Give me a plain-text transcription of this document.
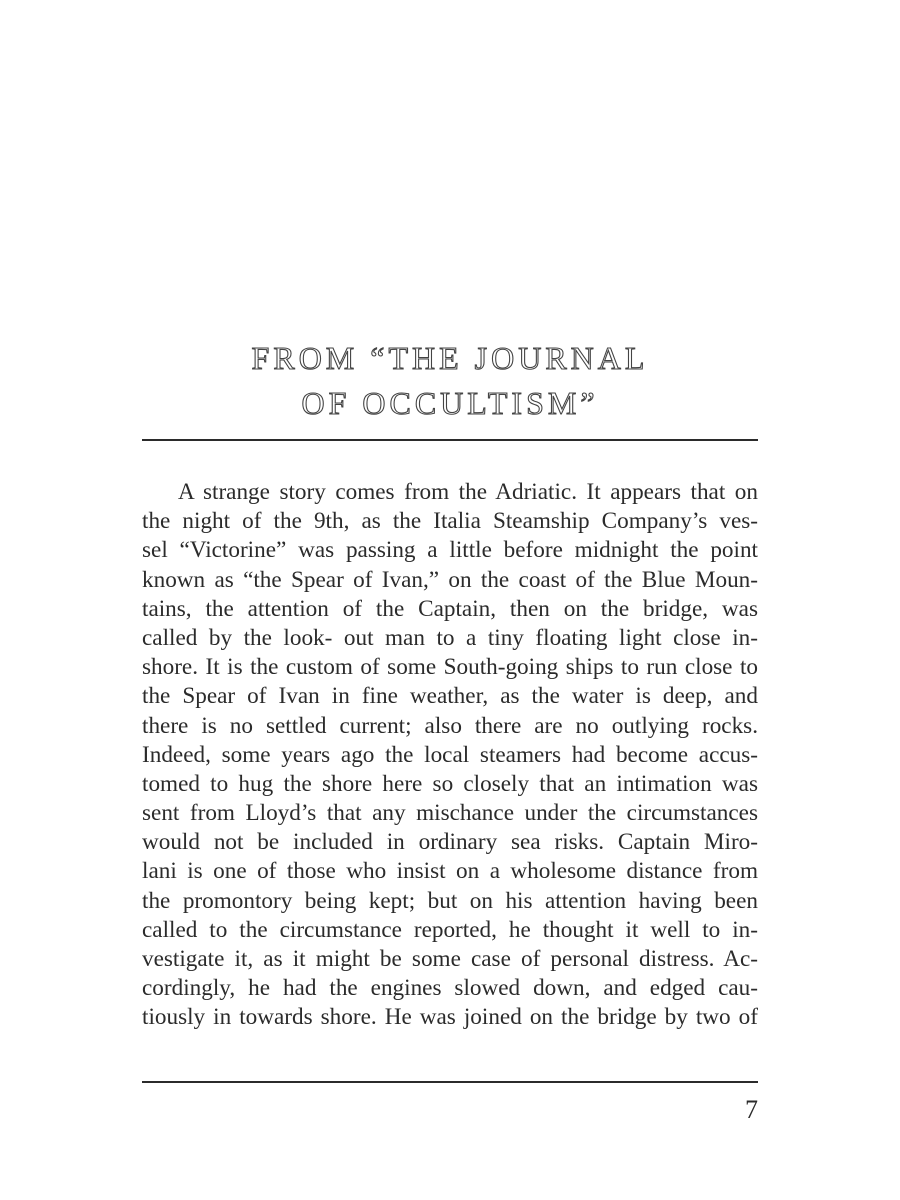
FROM “THE JOURNAL
OF OCCULTISM”
A strange story comes from the Adriatic. It appears that on
the night of the 9th, as the Italia Steamship Company’s ves-
sel “Victorine” was passing a little before midnight the point
known as “the Spear of Ivan,” on the coast of the Blue Moun-
tains, the attention of the Captain, then on the bridge, was
called by the look- out man to a tiny floating light close in-
shore. It is the custom of some South-going ships to run close to
the Spear of Ivan in fine weather, as the water is deep, and
there is no settled current; also there are no outlying rocks.
Indeed, some years ago the local steamers had become accus-
tomed to hug the shore here so closely that an intimation was
sent from Lloyd’s that any mischance under the circumstances
would not be included in ordinary sea risks. Captain Miro-
lani is one of those who insist on a wholesome distance from
the promontory being kept; but on his attention having been
called to the circumstance reported, he thought it well to in-
vestigate it, as it might be some case of personal distress. Ac-
cordingly, he had the engines slowed down, and edged cau-
tiously in towards shore. He was joined on the bridge by two of
7
